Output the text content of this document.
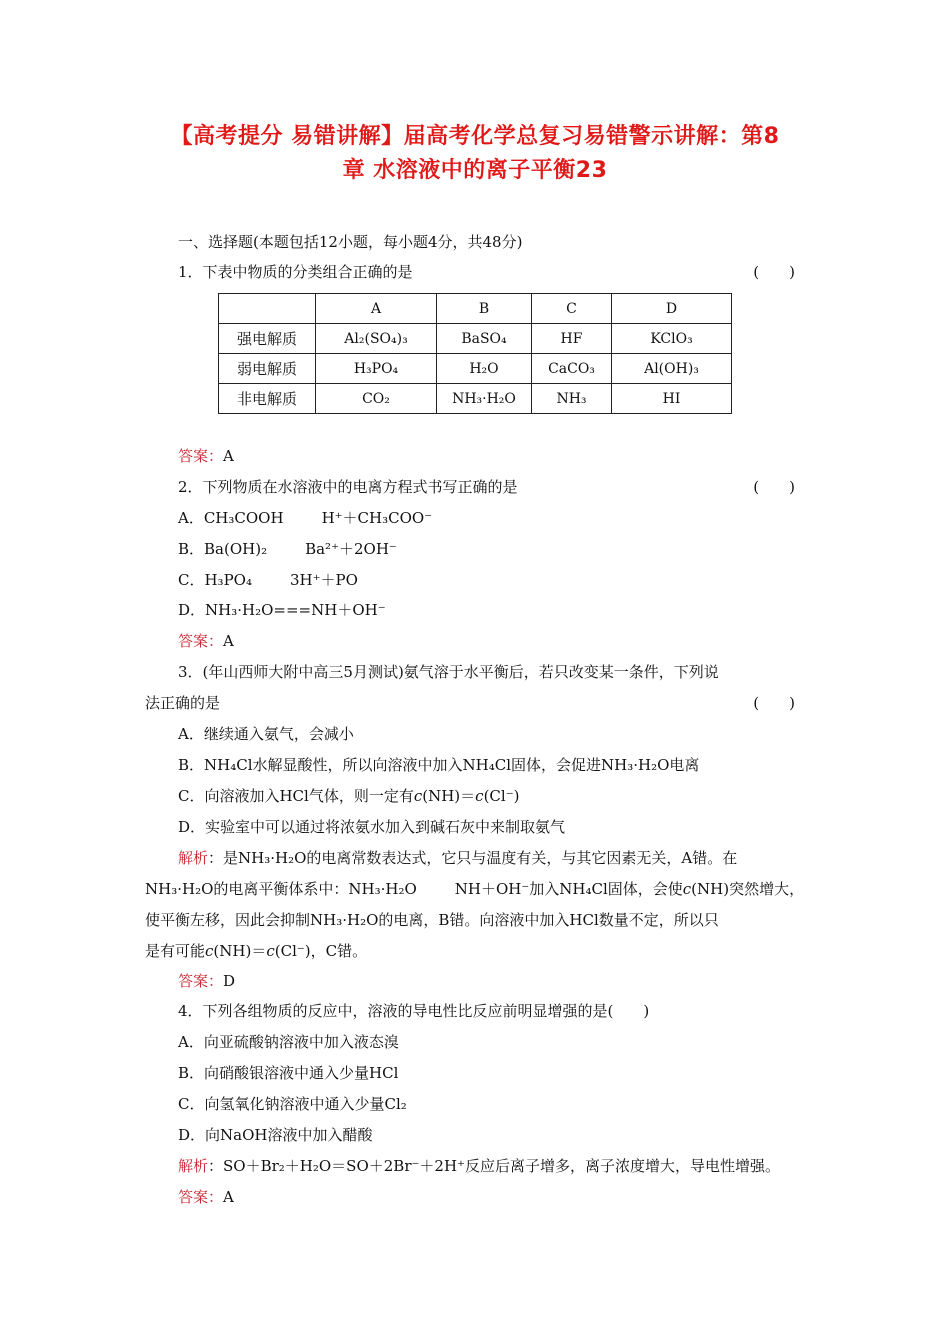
【高考提分 易错讲解】届高考化学总复习易错警示讲解：第8
章 水溶液中的离子平衡23
一、选择题(本题包括12小题，每小题4分，共48分)
1．下表中物质的分类组合正确的是	(　　)
	A	B	C	D
强电解质	Al₂(SO₄)₃	BaSO₄	HF	KClO₃
弱电解质	H₃PO₄	H₂O	CaCO₃	Al(OH)₃
非电解质	CO₂	NH₃·H₂O	NH₃	HI
答案：A
2．下列物质在水溶液中的电离方程式书写正确的是	(　　)
A．CH₃COOH	H⁺＋CH₃COO⁻
B．Ba(OH)₂	Ba²⁺＋2OH⁻
C．H₃PO₄	3H⁺＋PO
D．NH₃·H₂O===NH＋OH⁻
答案：A
3．(年山西师大附中高三5月测试)氨气溶于水平衡后，若只改变某一条件，下列说
法正确的是	(　　)
A．继续通入氨气，会减小
B．NH₄Cl水解显酸性，所以向溶液中加入NH₄Cl固体，会促进NH₃·H₂O电离
C．向溶液加入HCl气体，则一定有c(NH)＝c(Cl⁻)
D．实验室中可以通过将浓氨水加入到碱石灰中来制取氨气
解析：是NH₃·H₂O的电离常数表达式，它只与温度有关，与其它因素无关，A错。在
NH₃·H₂O的电离平衡体系中：NH₃·H₂O	NH＋OH⁻加入NH₄Cl固体，会使c(NH)突然增大，
使平衡左移，因此会抑制NH₃·H₂O的电离，B错。向溶液中加入HCl数量不定，所以只
是有可能c(NH)＝c(Cl⁻)，C错。
答案：D
4．下列各组物质的反应中，溶液的导电性比反应前明显增强的是(　　)
A．向亚硫酸钠溶液中加入液态溴
B．向硝酸银溶液中通入少量HCl
C．向氢氧化钠溶液中通入少量Cl₂
D．向NaOH溶液中加入醋酸
解析：SO＋Br₂＋H₂O＝SO＋2Br⁻＋2H⁺反应后离子增多，离子浓度增大，导电性增强。
答案：A
